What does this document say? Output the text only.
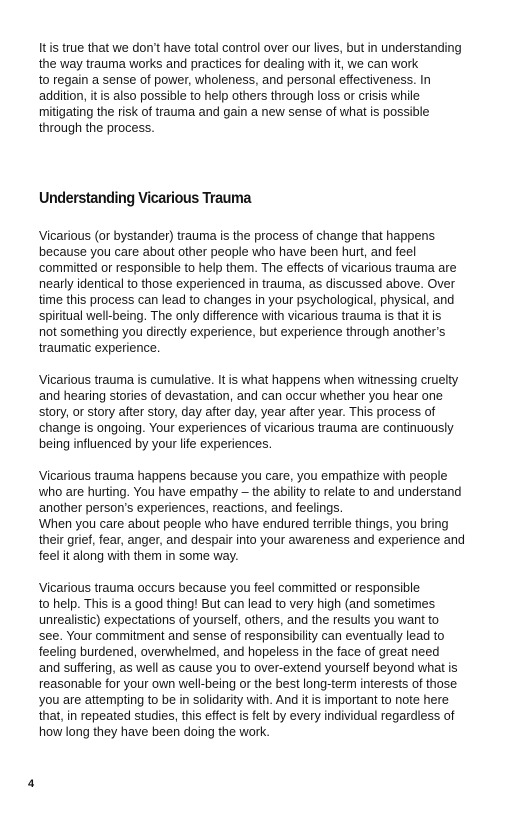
It is true that we don’t have total control over our lives, but in understanding
the way trauma works and practices for dealing with it, we can work
to regain a sense of power, wholeness, and personal effectiveness. In
addition, it is also possible to help others through loss or crisis while
mitigating the risk of trauma and gain a new sense of what is possible
through the process.

Understanding Vicarious Trauma

Vicarious (or bystander) trauma is the process of change that happens
because you care about other people who have been hurt, and feel
committed or responsible to help them. The effects of vicarious trauma are
nearly identical to those experienced in trauma, as discussed above. Over
time this process can lead to changes in your psychological, physical, and
spiritual well-being. The only difference with vicarious trauma is that it is
not something you directly experience, but experience through another’s
traumatic experience.

Vicarious trauma is cumulative. It is what happens when witnessing cruelty
and hearing stories of devastation, and can occur whether you hear one
story, or story after story, day after day, year after year. This process of
change is ongoing. Your experiences of vicarious trauma are continuously
being influenced by your life experiences.

Vicarious trauma happens because you care, you empathize with people
who are hurting. You have empathy – the ability to relate to and understand
another person’s experiences, reactions, and feelings.
When you care about people who have endured terrible things, you bring
their grief, fear, anger, and despair into your awareness and experience and
feel it along with them in some way.

Vicarious trauma occurs because you feel committed or responsible
to help. This is a good thing! But can lead to very high (and sometimes
unrealistic) expectations of yourself, others, and the results you want to
see. Your commitment and sense of responsibility can eventually lead to
feeling burdened, overwhelmed, and hopeless in the face of great need
and suffering, as well as cause you to over-extend yourself beyond what is
reasonable for your own well-being or the best long-term interests of those
you are attempting to be in solidarity with. And it is important to note here
that, in repeated studies, this effect is felt by every individual regardless of
how long they have been doing the work.

4
